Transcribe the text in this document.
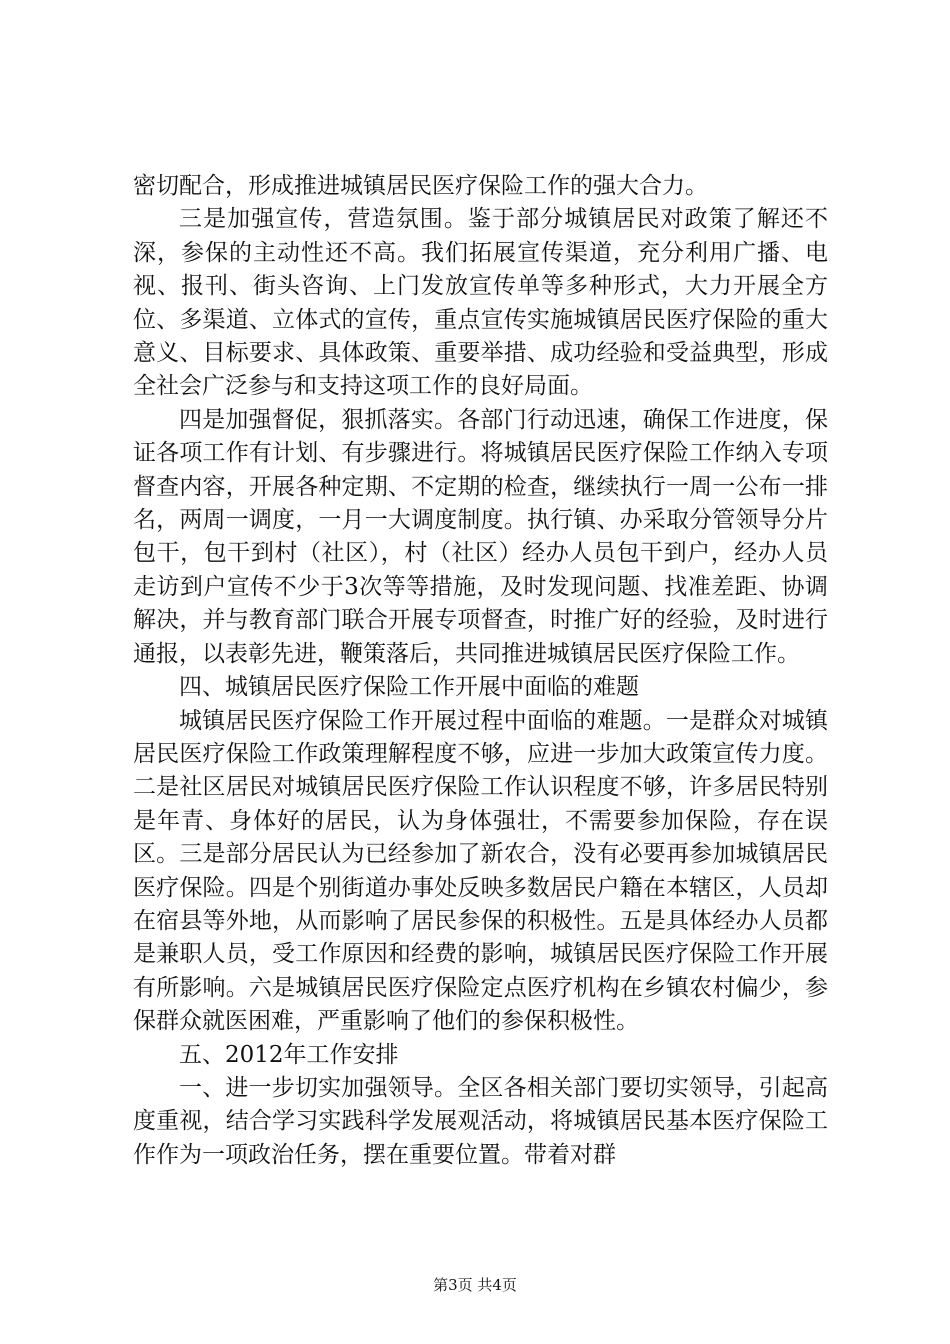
密切配合，形成推进城镇居民医疗保险工作的强大合力。

三是加强宣传，营造氛围。鉴于部分城镇居民对政策了解还不深，参保的主动性还不高。我们拓展宣传渠道，充分利用广播、电视、报刊、街头咨询、上门发放宣传单等多种形式，大力开展全方位、多渠道、立体式的宣传，重点宣传实施城镇居民医疗保险的重大意义、目标要求、具体政策、重要举措、成功经验和受益典型，形成全社会广泛参与和支持这项工作的良好局面。

四是加强督促，狠抓落实。各部门行动迅速，确保工作进度，保证各项工作有计划、有步骤进行。将城镇居民医疗保险工作纳入专项督查内容，开展各种定期、不定期的检查，继续执行一周一公布一排名，两周一调度，一月一大调度制度。执行镇、办采取分管领导分片包干，包干到村（社区），村（社区）经办人员包干到户，经办人员走访到户宣传不少于3次等等措施，及时发现问题、找准差距、协调解决，并与教育部门联合开展专项督查，时推广好的经验，及时进行通报，以表彰先进，鞭策落后，共同推进城镇居民医疗保险工作。

四、城镇居民医疗保险工作开展中面临的难题

城镇居民医疗保险工作开展过程中面临的难题。一是群众对城镇居民医疗保险工作政策理解程度不够，应进一步加大政策宣传力度。二是社区居民对城镇居民医疗保险工作认识程度不够，许多居民特别是年青、身体好的居民，认为身体强壮，不需要参加保险，存在误区。三是部分居民认为已经参加了新农合，没有必要再参加城镇居民医疗保险。四是个别街道办事处反映多数居民户籍在本辖区，人员却在宿县等外地，从而影响了居民参保的积极性。五是具体经办人员都是兼职人员，受工作原因和经费的影响，城镇居民医疗保险工作开展有所影响。六是城镇居民医疗保险定点医疗机构在乡镇农村偏少，参保群众就医困难，严重影响了他们的参保积极性。

五、2012年工作安排

一、进一步切实加强领导。全区各相关部门要切实领导，引起高度重视，结合学习实践科学发展观活动，将城镇居民基本医疗保险工作作为一项政治任务，摆在重要位置。带着对群

第3页 共4页
